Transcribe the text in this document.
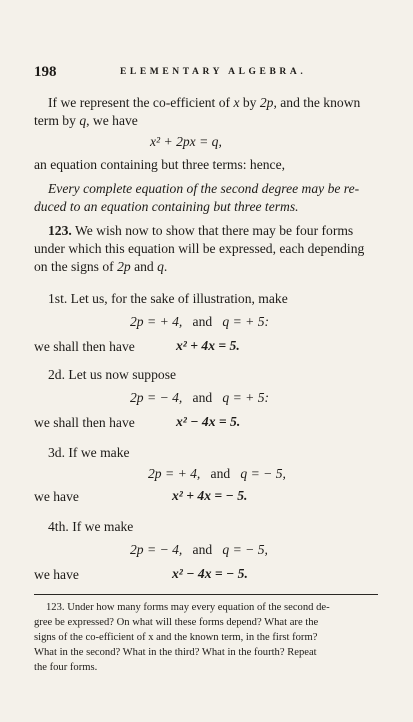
198	ELEMENTARY ALGEBRA.
If we represent the co-efficient of x by 2p, and the known
term by q, we have
x² + 2px = q,
an equation containing but three terms: hence,
Every complete equation of the second degree may be re-
duced to an equation containing but three terms.
123. We wish now to show that there may be four forms
under which this equation will be expressed, each depending
on the signs of 2p and q.
1st. Let us, for the sake of illustration, make
2p = + 4, and q = + 5:
we shall then have	x² + 4x = 5.
2d. Let us now suppose
2p = − 4, and q = + 5:
we shall then have	x² − 4x = 5.
3d. If we make
2p = + 4, and q = − 5,
we have	x² + 4x = − 5.
4th. If we make
2p = − 4, and q = − 5,
we have	x² − 4x = − 5.
123. Under how many forms may every equation of the second de-
gree be expressed? On what will these forms depend? What are the
signs of the co-efficient of x and the known term, in the first form?
What in the second? What in the third? What in the fourth? Repeat
the four forms.
